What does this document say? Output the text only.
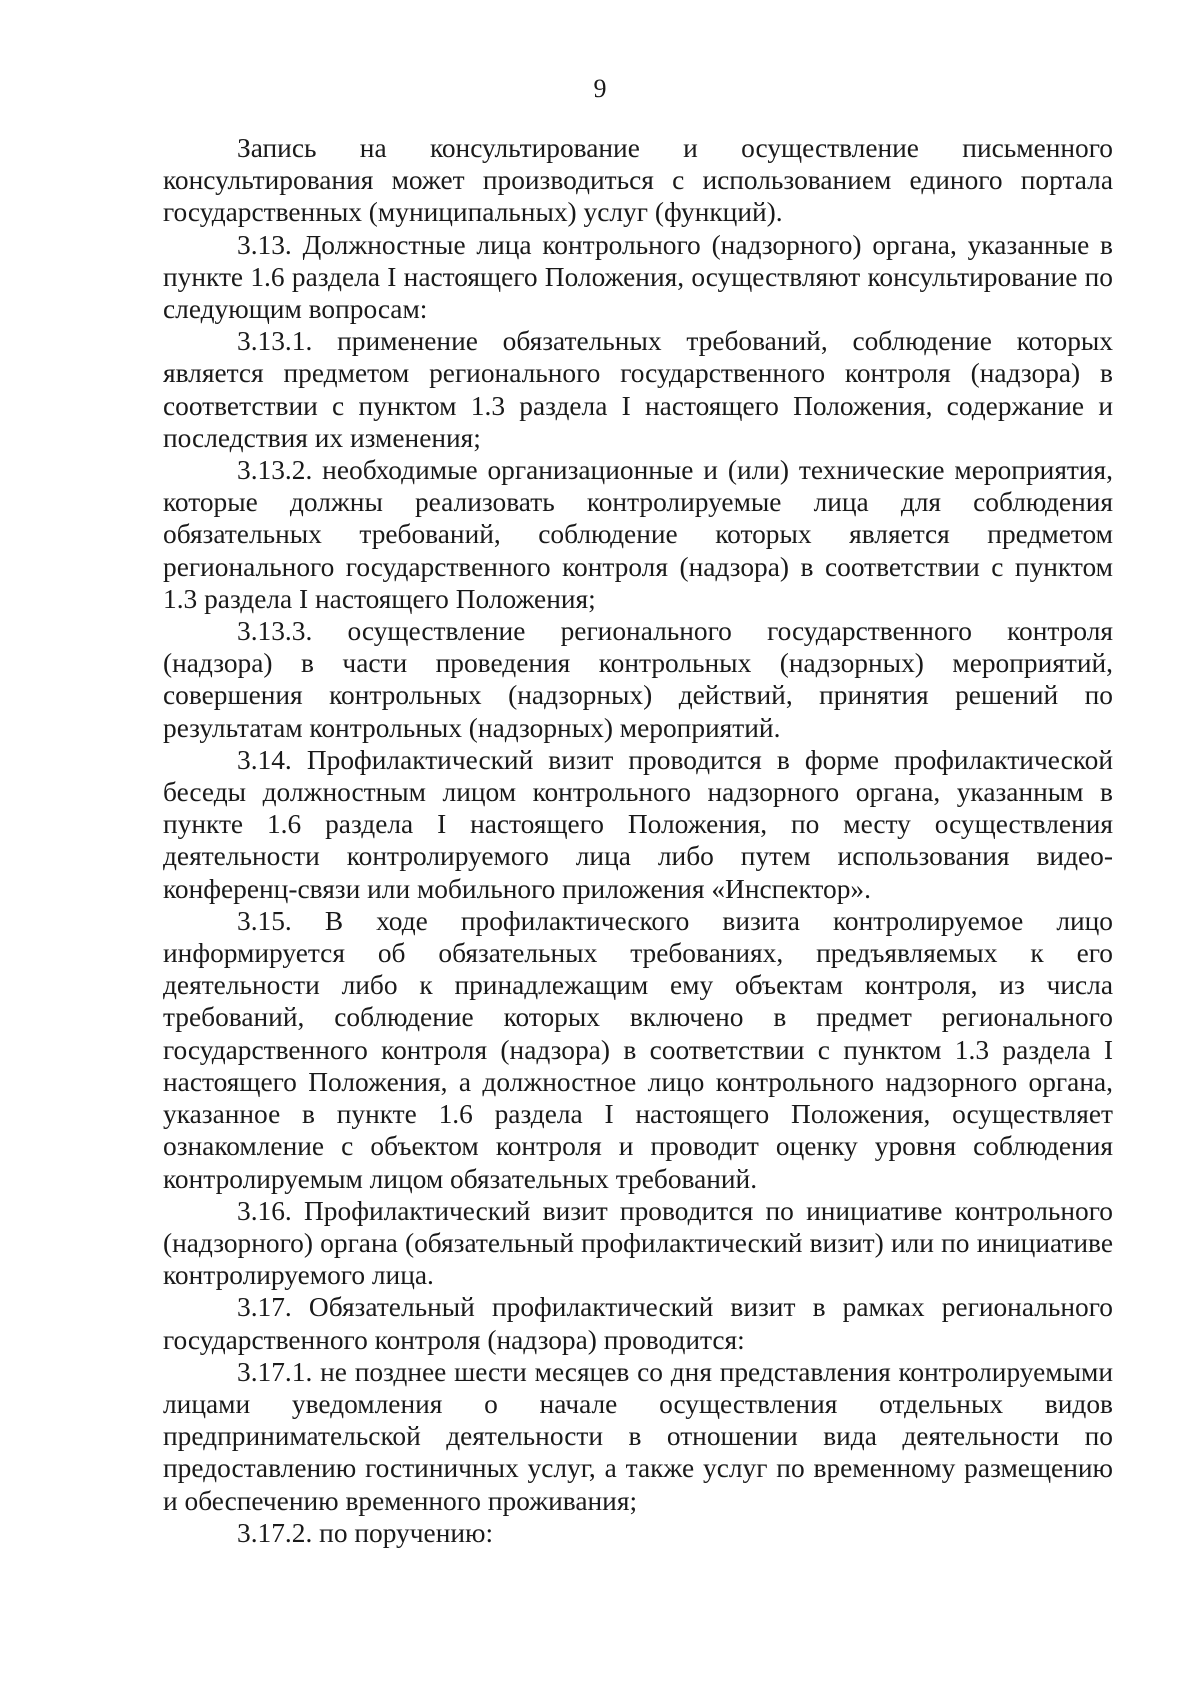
9

Запись на консультирование и осуществление письменного консультирования может производиться с использованием единого портала государственных (муниципальных) услуг (функций).

3.13. Должностные лица контрольного (надзорного) органа, указанные в пункте 1.6 раздела I настоящего Положения, осуществляют консультирование по следующим вопросам:

3.13.1. применение обязательных требований, соблюдение которых является предметом регионального государственного контроля (надзора) в соответствии с пунктом 1.3 раздела I настоящего Положения, содержание и последствия их изменения;

3.13.2. необходимые организационные и (или) технические мероприятия, которые должны реализовать контролируемые лица для соблюдения обязательных требований, соблюдение которых является предметом регионального государственного контроля (надзора) в соответствии с пунктом 1.3 раздела I настоящего Положения;

3.13.3. осуществление регионального государственного контроля (надзора) в части проведения контрольных (надзорных) мероприятий, совершения контрольных (надзорных) действий, принятия решений по результатам контрольных (надзорных) мероприятий.

3.14. Профилактический визит проводится в форме профилактической беседы должностным лицом контрольного надзорного органа, указанным в пункте 1.6 раздела I настоящего Положения, по месту осуществления деятельности контролируемого лица либо путем использования видео-конференц-связи или мобильного приложения «Инспектор».

3.15. В ходе профилактического визита контролируемое лицо информируется об обязательных требованиях, предъявляемых к его деятельности либо к принадлежащим ему объектам контроля, из числа требований, соблюдение которых включено в предмет регионального государственного контроля (надзора) в соответствии с пунктом 1.3 раздела I настоящего Положения, а должностное лицо контрольного надзорного органа, указанное в пункте 1.6 раздела I настоящего Положения, осуществляет ознакомление с объектом контроля и проводит оценку уровня соблюдения контролируемым лицом обязательных требований.

3.16. Профилактический визит проводится по инициативе контрольного (надзорного) органа (обязательный профилактический визит) или по инициативе контролируемого лица.

3.17. Обязательный профилактический визит в рамках регионального государственного контроля (надзора) проводится:

3.17.1. не позднее шести месяцев со дня представления контролируемыми лицами уведомления о начале осуществления отдельных видов предпринимательской деятельности в отношении вида деятельности по предоставлению гостиничных услуг, а также услуг по временному размещению и обеспечению временного проживания;

3.17.2. по поручению:
